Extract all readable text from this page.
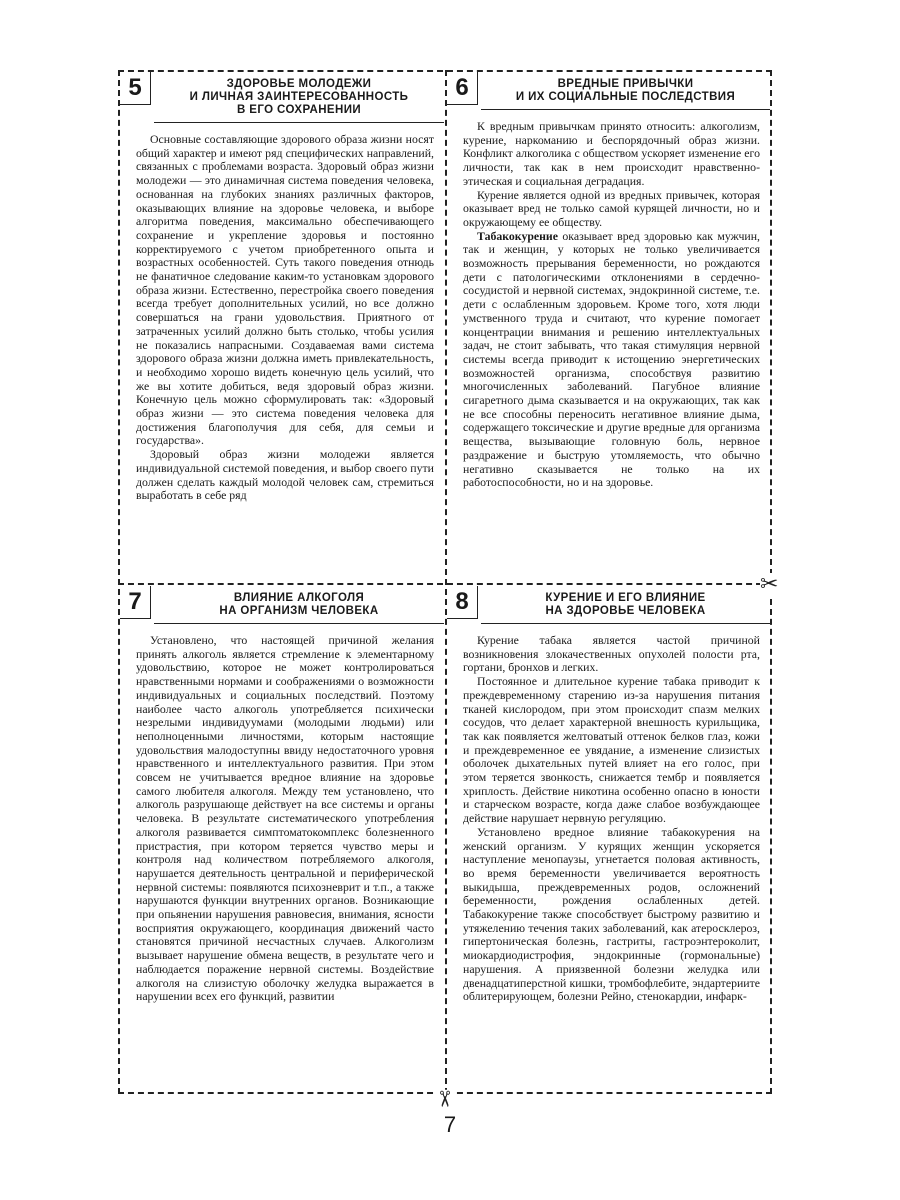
✂
✂
5	ЗДОРОВЬЕ МОЛОДЕЖИ
И ЛИЧНАЯ ЗАИНТЕРЕСОВАННОСТЬ
В ЕГО СОХРАНЕНИИ

Основные составляющие здорового образа жизни носят общий характер и имеют ряд специфических направлений, связанных с проблемами возраста. Здоровый образ жизни молодежи — это динамичная система поведения человека, основанная на глубоких знаниях различных факторов, оказывающих влияние на здоровье человека, и выборе алгоритма поведения, максимально обеспечивающего сохранение и укрепление здоровья и постоянно корректируемого с учетом приобретенного опыта и возрастных особенностей. Суть такого поведения отнюдь не фанатичное следование каким-то установкам здорового образа жизни. Естественно, перестройка своего поведения всегда требует дополнительных усилий, но все должно совершаться на грани удовольствия. Приятного от затраченных усилий должно быть столько, чтобы усилия не показались напрасными. Создаваемая вами система здорового образа жизни должна иметь привлекательность, и необходимо хорошо видеть конечную цель усилий, что же вы хотите добиться, ведя здоровый образ жизни. Конечную цель можно сформулировать так: «Здоровый образ жизни — это система поведения человека для достижения благополучия для себя, для семьи и государства».

Здоровый образ жизни молодежи является индивидуальной системой поведения, и выбор своего пути должен сделать каждый молодой человек сам, стремиться выработать в себе ряд

6	ВРЕДНЫЕ ПРИВЫЧКИ
И ИХ СОЦИАЛЬНЫЕ ПОСЛЕДСТВИЯ

К вредным привычкам принято относить: алкоголизм, курение, наркоманию и беспорядочный образ жизни. Конфликт алкоголика с обществом ускоряет изменение его личности, так как в нем происходит нравственно-этическая и социальная деградация.

Курение является одной из вредных привычек, которая оказывает вред не только самой курящей личности, но и окружающему ее обществу.

Табакокурение оказывает вред здоровью как мужчин, так и женщин, у которых не только увеличивается возможность прерывания беременности, но рождаются дети с патологическими отклонениями в сердечно-сосудистой и нервной системах, эндокринной системе, т.е. дети с ослабленным здоровьем. Кроме того, хотя люди умственного труда и считают, что курение помогает концентрации внимания и решению интеллектуальных задач, не стоит забывать, что такая стимуляция нервной системы всегда приводит к истощению энергетических возможностей организма, способствуя развитию многочисленных заболеваний. Пагубное влияние сигаретного дыма сказывается и на окружающих, так как не все способны переносить негативное влияние дыма, содержащего токсические и другие вредные для организма вещества, вызывающие головную боль, нервное раздражение и быструю утомляемость, что обычно негативно сказывается не только на их работоспособности, но и на здоровье.

7	ВЛИЯНИЕ АЛКОГОЛЯ
НА ОРГАНИЗМ ЧЕЛОВЕКА

Установлено, что настоящей причиной желания принять алкоголь является стремление к элементарному удовольствию, которое не может контролироваться нравственными нормами и соображениями о возможности индивидуальных и социальных последствий. Поэтому наиболее часто алкоголь употребляется психически незрелыми индивидуумами (молодыми людьми) или неполноценными личностями, которым настоящие удовольствия малодоступны ввиду недостаточного уровня нравственного и интеллектуального развития. При этом совсем не учитывается вредное влияние на здоровье самого любителя алкоголя. Между тем установлено, что алкоголь разрушающе действует на все системы и органы человека. В результате систематического употребления алкоголя развивается симптоматокомплекс болезненного пристрастия, при котором теряется чувство меры и контроля над количеством потребляемого алкоголя, нарушается деятельность центральной и периферической нервной системы: появляются психозневрит и т.п., а также нарушаются функции внутренних органов. Возникающие при опьянении нарушения равновесия, внимания, ясности восприятия окружающего, координация движений часто становятся причиной несчастных случаев. Алкоголизм вызывает нарушение обмена веществ, в результате чего и наблюдается поражение нервной системы. Воздействие алкоголя на слизистую оболочку желудка выражается в нарушении всех его функций, развитии

8	КУРЕНИЕ И ЕГО ВЛИЯНИЕ
НА ЗДОРОВЬЕ ЧЕЛОВЕКА

Курение табака является частой причиной возникновения злокачественных опухолей полости рта, гортани, бронхов и легких.

Постоянное и длительное курение табака приводит к преждевременному старению из-за нарушения питания тканей кислородом, при этом происходит спазм мелких сосудов, что делает характерной внешность курильщика, так как появляется желтоватый оттенок белков глаз, кожи и преждевременное ее увядание, а изменение слизистых оболочек дыхательных путей влияет на его голос, при этом теряется звонкость, снижается тембр и появляется хриплость. Действие никотина особенно опасно в юности и старческом возрасте, когда даже слабое возбуждающее действие нарушает нервную регуляцию.

Установлено вредное влияние табакокурения на женский организм. У курящих женщин ускоряется наступление менопаузы, угнетается половая активность, во время беременности увеличивается вероятность выкидыша, преждевременных родов, осложнений беременности, рождения ослабленных детей. Табакокурение также способствует быстрому развитию и утяжелению течения таких заболеваний, как атеросклероз, гипертоническая болезнь, гастриты, гастроэнтероколит, миокардиодистрофия, эндокринные (гормональные) нарушения. А приязвенной болезни желудка или двенадцатиперстной кишки, тромбофлебите, эндартериите облитерирующем, болезни Рейно, стенокардии, инфарк-

7
